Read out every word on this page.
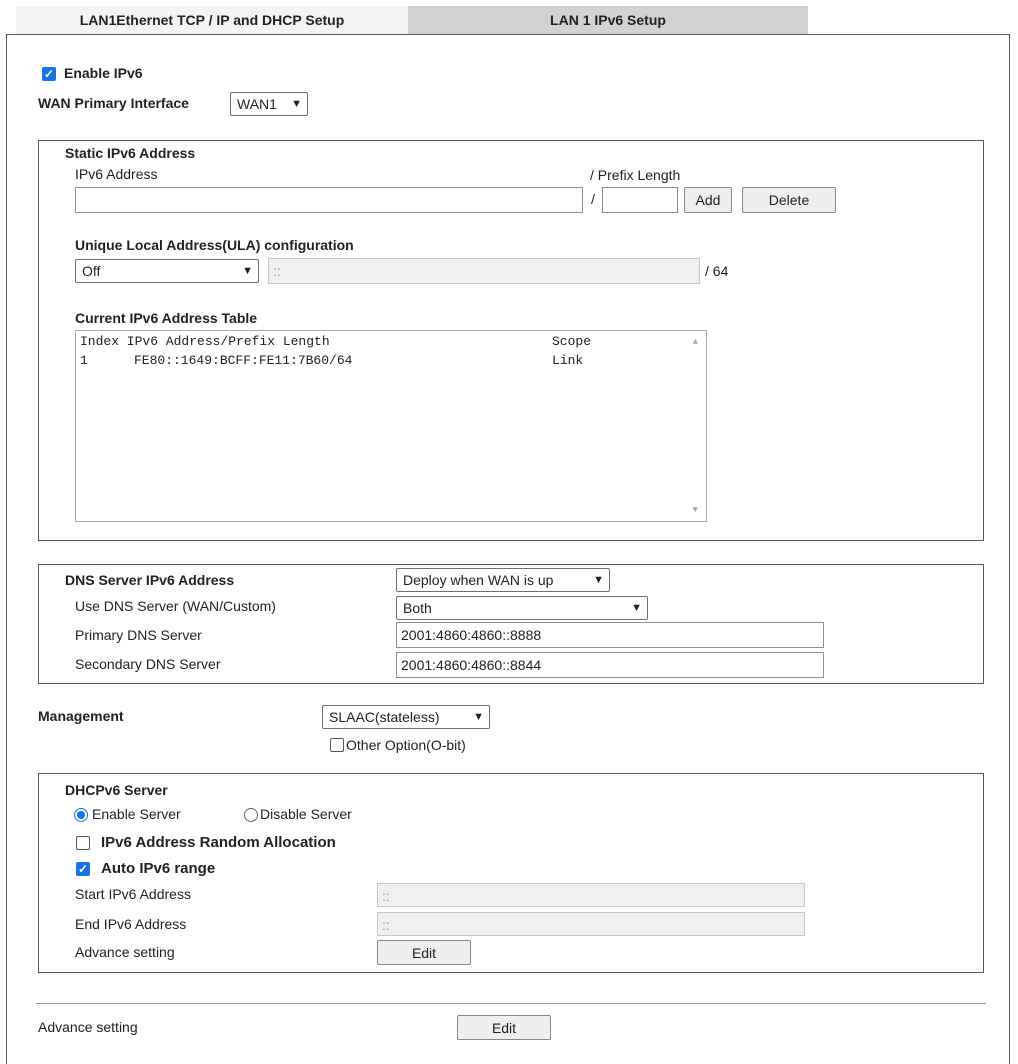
LAN1Ethernet TCP / IP and DHCP Setup	LAN 1 IPv6 Setup
✓ Enable IPv6
WAN Primary Interface	WAN1 ▼
Static IPv6 Address
IPv6 Address	/ Prefix Length
/	Add	Delete
Unique Local Address(ULA) configuration
Off	▼	::	/ 64
Current IPv6 Address Table
Index IPv6 Address/Prefix Length	Scope
1	FE80::1649:BCFF:FE11:7B60/64	Link
▲
▼
DNS Server IPv6 Address	Deploy when WAN is up	▼
Use DNS Server (WAN/Custom)	Both	▼
Primary DNS Server	2001:4860:4860::8888
Secondary DNS Server	2001:4860:4860::8844
Management	SLAAC(stateless)	▼
Other Option(O-bit)
DHCPv6 Server
Enable Server	Disable Server
IPv6 Address Random Allocation
✓ Auto IPv6 range
Start IPv6 Address	::
End IPv6 Address	::
Advance setting	Edit
Advance setting	Edit
